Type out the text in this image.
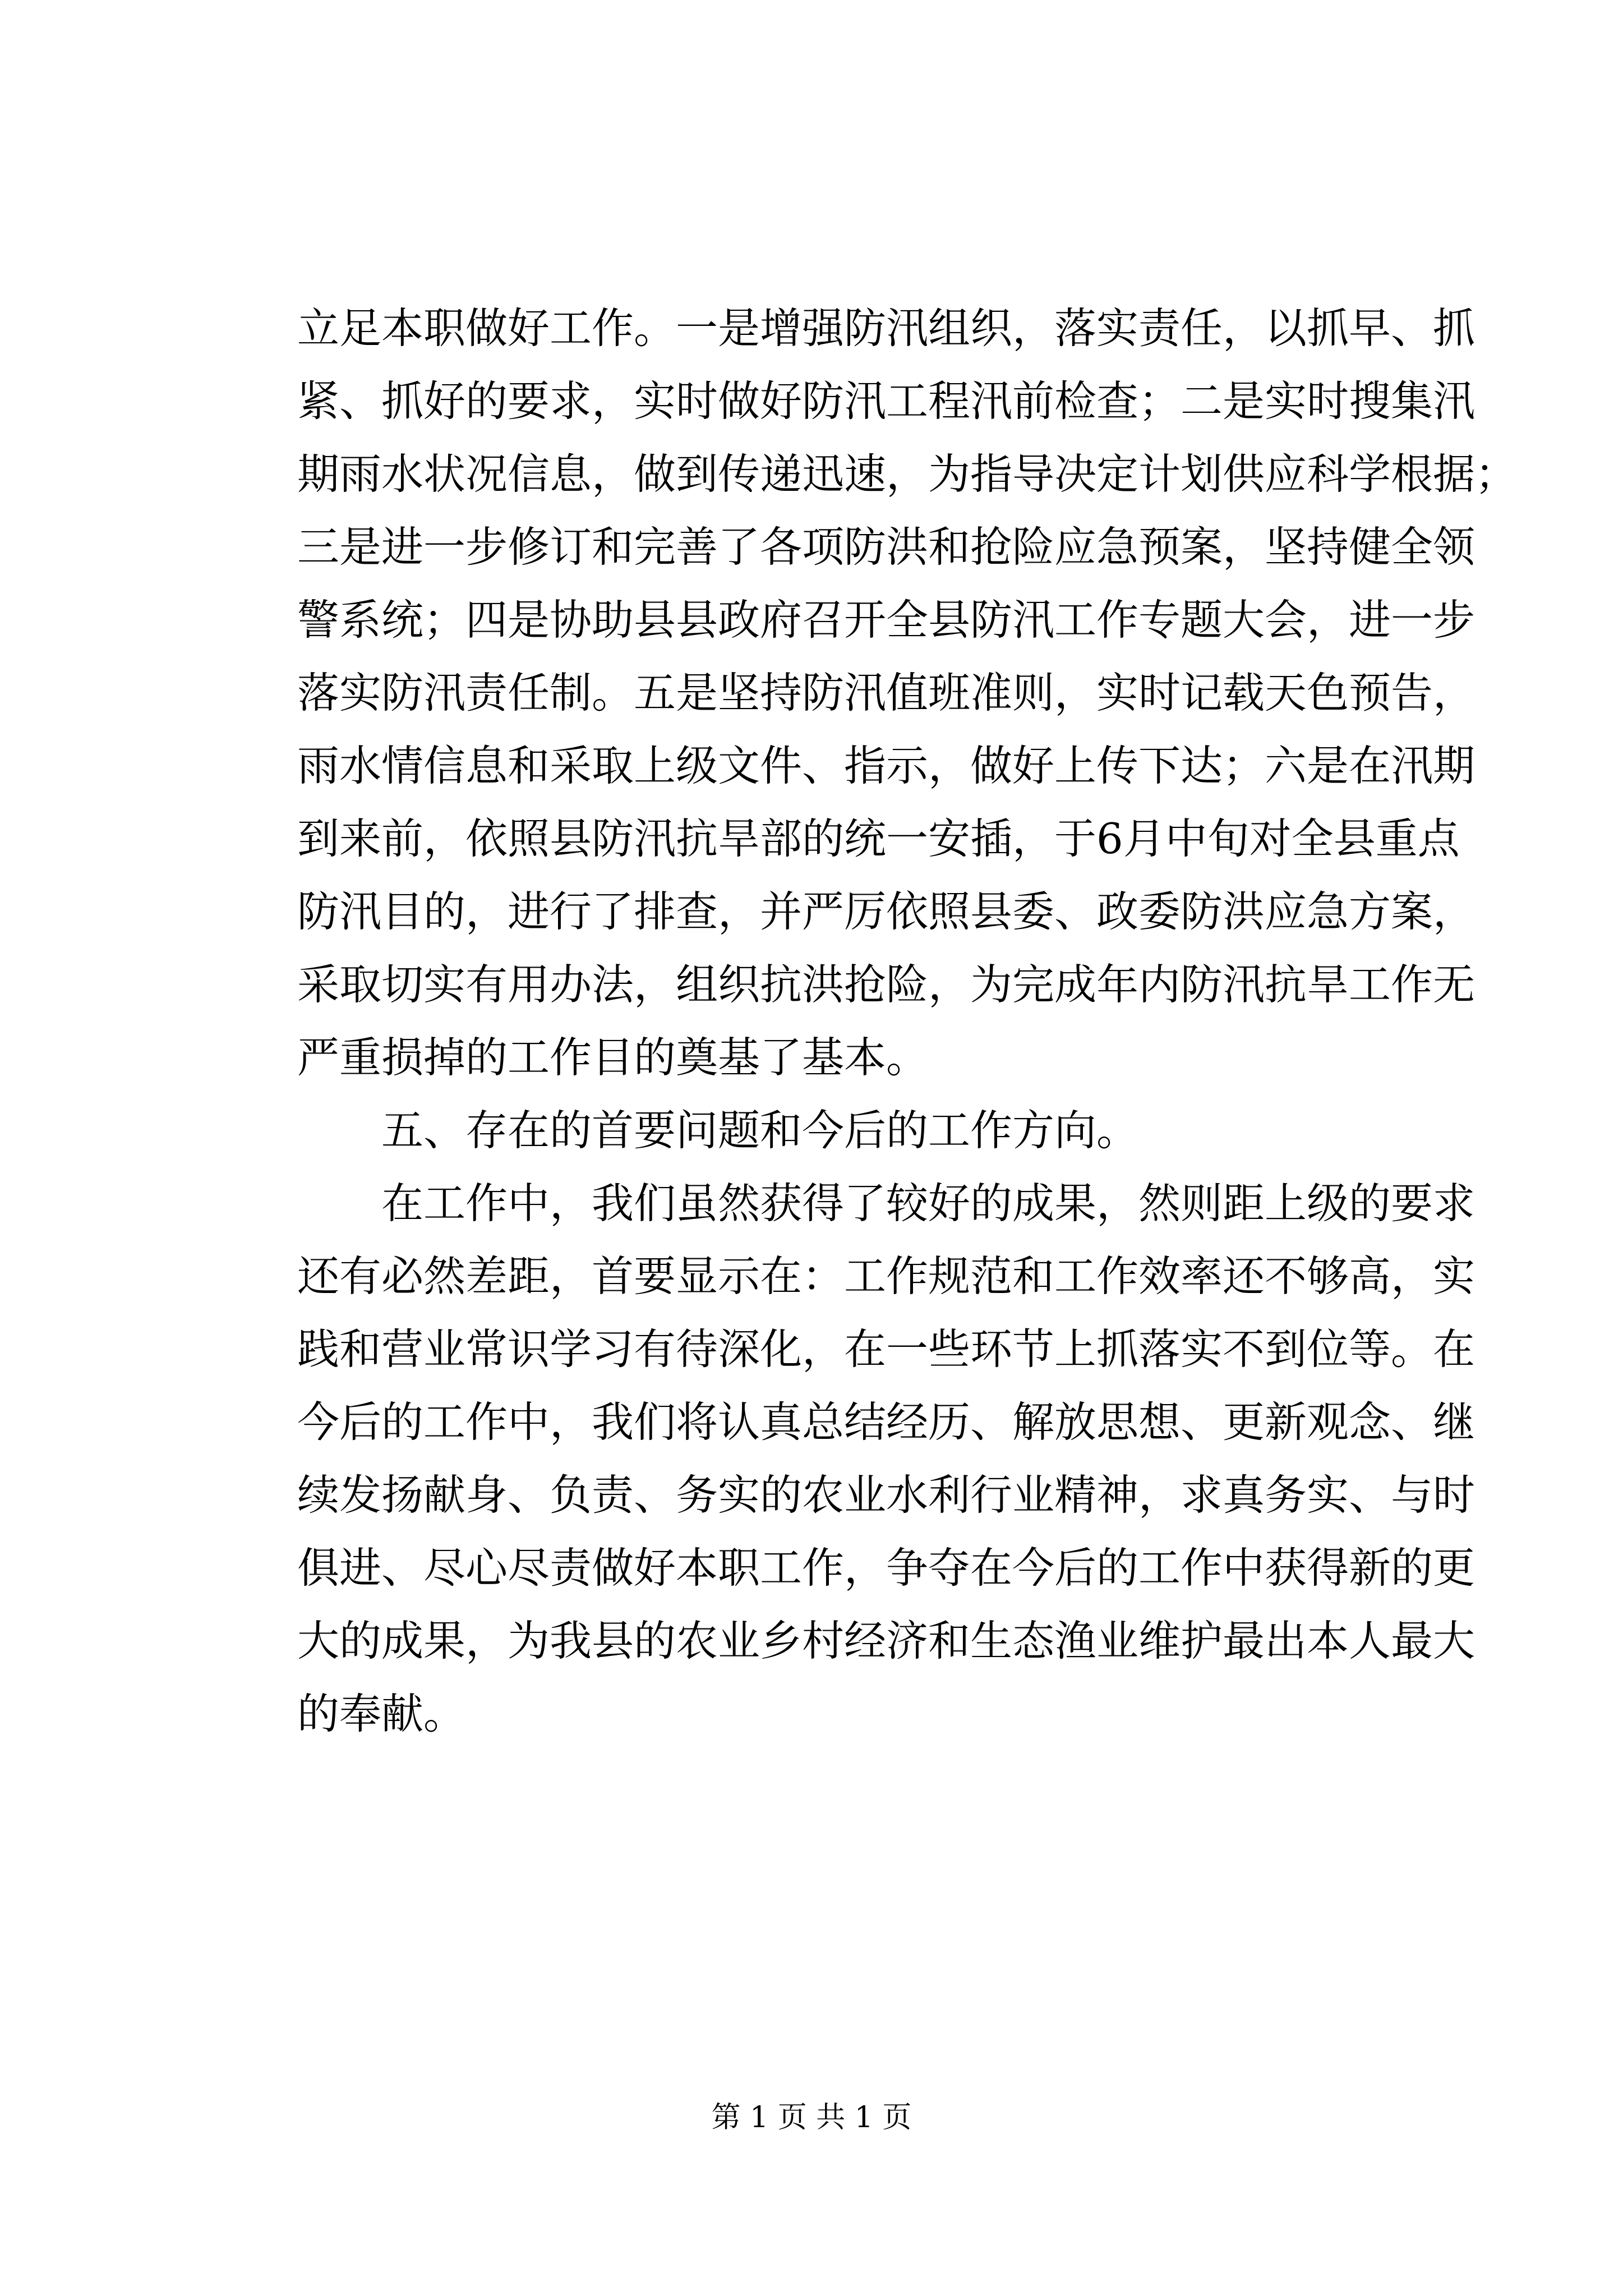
立足本职做好工作。一是增强防汛组织，落实责任，以抓早、抓
紧、抓好的要求，实时做好防汛工程汛前检查；二是实时搜集汛
期雨水状况信息，做到传递迅速，为指导决定计划供应科学根据；
三是进一步修订和完善了各项防洪和抢险应急预案，坚持健全领
警系统；四是协助县县政府召开全县防汛工作专题大会，进一步
落实防汛责任制。五是坚持防汛值班准则，实时记载天色预告，
雨水情信息和采取上级文件、指示，做好上传下达；六是在汛期
到来前，依照县防汛抗旱部的统一安插，于6月中旬对全县重点
防汛目的，进行了排查，并严厉依照县委、政委防洪应急方案，
采取切实有用办法，组织抗洪抢险，为完成年内防汛抗旱工作无
严重损掉的工作目的奠基了基本。
五、存在的首要问题和今后的工作方向。
在工作中，我们虽然获得了较好的成果，然则距上级的要求
还有必然差距，首要显示在：工作规范和工作效率还不够高，实
践和营业常识学习有待深化，在一些环节上抓落实不到位等。在
今后的工作中，我们将认真总结经历、解放思想、更新观念、继
续发扬献身、负责、务实的农业水利行业精神，求真务实、与时
俱进、尽心尽责做好本职工作，争夺在今后的工作中获得新的更
大的成果，为我县的农业乡村经济和生态渔业维护最出本人最大
的奉献。
第 1 页 共 1 页
